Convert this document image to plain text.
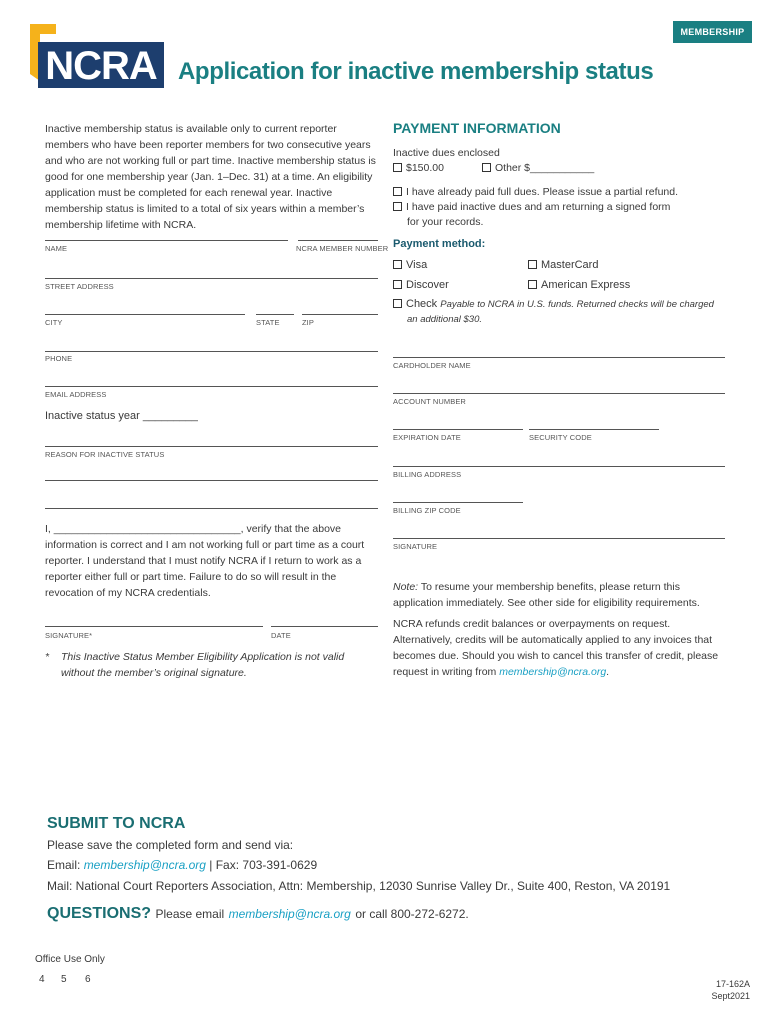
MEMBERSHIP
NCRA Application for inactive membership status
Inactive membership status is available only to current reporter members who have been reporter members for two consecutive years and who are not working full or part time. Inactive membership status is good for one membership year (Jan. 1–Dec. 31) at a time. An eligibility application must be completed for each renewal year. Inactive membership status is limited to a total of six years within a member’s membership lifetime with NCRA.
NAME	NCRA MEMBER NUMBER
STREET ADDRESS
CITY	STATE	ZIP
PHONE
EMAIL ADDRESS
Inactive status year _________
REASON FOR INACTIVE STATUS
I, ________________________________, verify that the above information is correct and I am not working full or part time as a court reporter. I understand that I must notify NCRA if I return to work as a reporter either full or part time. Failure to do so will result in the revocation of my NCRA credentials.
SIGNATURE*	DATE
* This Inactive Status Member Eligibility Application is not valid without the member’s original signature.
PAYMENT INFORMATION
Inactive dues enclosed
$150.00	Other $___________
I have already paid full dues. Please issue a partial refund.
I have paid inactive dues and am returning a signed form
for your records.
Payment method:
Visa	MasterCard
Discover	American Express
Check Payable to NCRA in U.S. funds. Returned checks will be charged
an additional $30.
CARDHOLDER NAME
ACCOUNT NUMBER
EXPIRATION DATE	SECURITY CODE
BILLING ADDRESS
BILLING ZIP CODE
SIGNATURE
Note: To resume your membership benefits, please return this application immediately. See other side for eligibility requirements.
NCRA refunds credit balances or overpayments on request. Alternatively, credits will be automatically applied to any invoices that becomes due. Should you wish to cancel this transfer of credit, please request in writing from membership@ncra.org.
SUBMIT TO NCRA
Please save the completed form and send via:
Email: membership@ncra.org | Fax: 703-391-0629
Mail: National Court Reporters Association, Attn: Membership, 12030 Sunrise Valley Dr., Suite 400, Reston, VA 20191
QUESTIONS? Please email membership@ncra.org or call 800-272-6272.
Office Use Only
4 5 6	17-162A
Sept2021
